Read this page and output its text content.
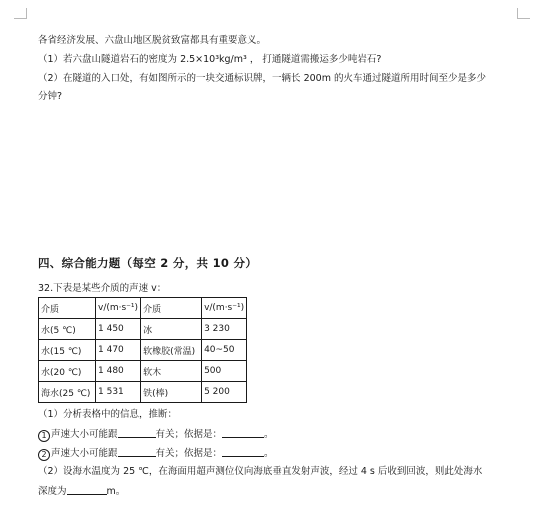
各省经济发展、六盘山地区脱贫致富都具有重要意义。
（1）若六盘山隧道岩石的密度为 2.5×10³kg/m³ ， 打通隧道需搬运多少吨岩石?
（2）在隧道的入口处，有如图所示的一块交通标识牌，一辆长 200m 的火车通过隧道所用时间至少是多少
分钟?
四、综合能力题（每空 2 分，共 10 分）
32.下表是某些介质的声速 v：
介质	v/(m·s⁻¹)	介质	v/(m·s⁻¹)
水(5 ℃)	1 450	冰	3 230
水(15 ℃)	1 470	软橡胶(常温)	40~50
水(20 ℃)	1 480	软木	500
海水(25 ℃)	1 531	铁(棒)	5 200
（1）分析表格中的信息，推断：
1 声速大小可能跟	有关；依据是：	。
2 声速大小可能跟	有关；依据是：	。
（2）设海水温度为 25 ℃，在海面用超声测位仪向海底垂直发射声波，经过 4 s 后收到回波，则此处海水
深度为	m。
